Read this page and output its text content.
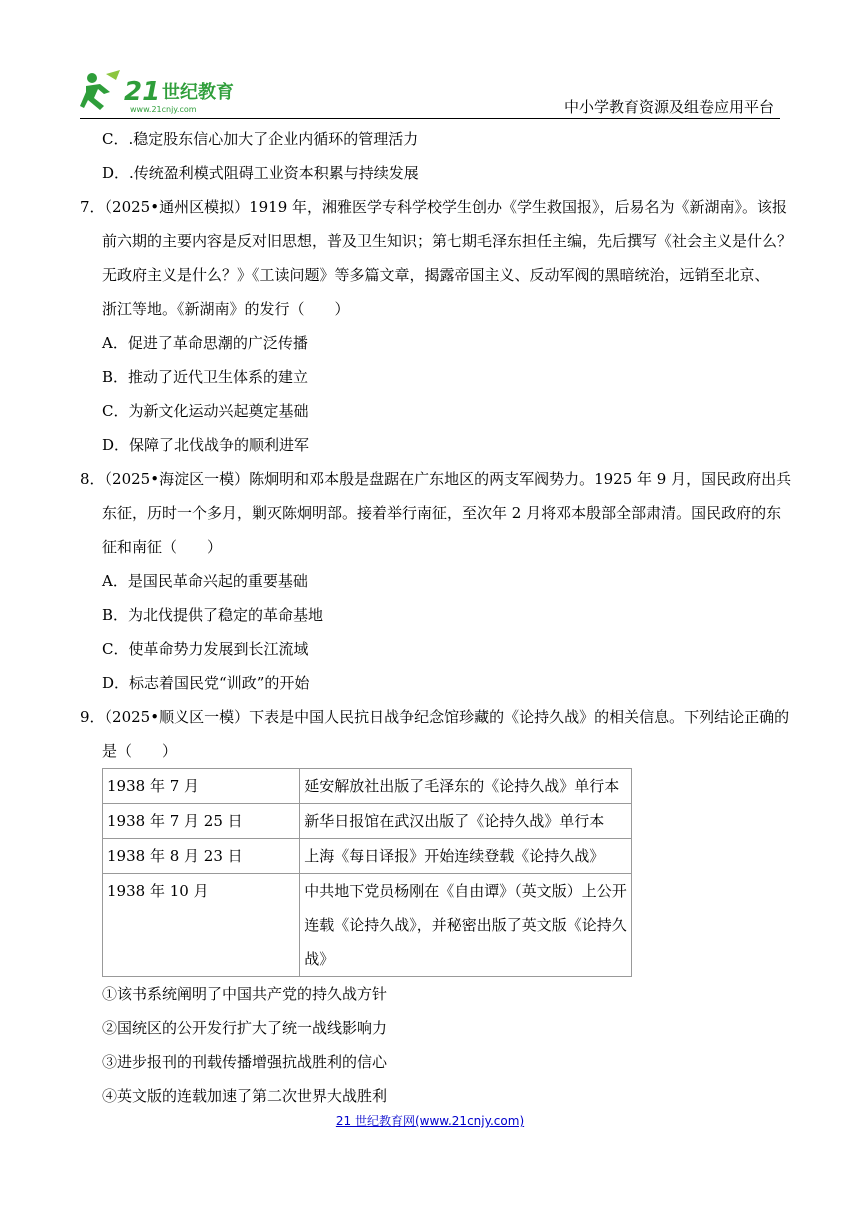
21 世纪教育
www.21cnjy.com	中小学教育资源及组卷应用平台
C．.稳定股东信心加大了企业内循环的管理活力
D．.传统盈利模式阻碍工业资本积累与持续发展
7．（2025•通州区模拟）1919 年，湘雅医学专科学校学生创办《学生救国报》，后易名为《新湖南》。该报
前六期的主要内容是反对旧思想，普及卫生知识；第七期毛泽东担任主编，先后撰写《社会主义是什么？
无政府主义是什么？》《工读问题》等多篇文章，揭露帝国主义、反动军阀的黑暗统治，远销至北京、
浙江等地。《新湖南》的发行（　　）
A．促进了革命思潮的广泛传播
B．推动了近代卫生体系的建立
C．为新文化运动兴起奠定基础
D．保障了北伐战争的顺利进军
8．（2025•海淀区一模）陈炯明和邓本殷是盘踞在广东地区的两支军阀势力。1925 年 9 月，国民政府出兵
东征，历时一个多月，剿灭陈炯明部。接着举行南征，至次年 2 月将邓本殷部全部肃清。国民政府的东
征和南征（　　）
A．是国民革命兴起的重要基础
B．为北伐提供了稳定的革命基地
C．使革命势力发展到长江流域
D．标志着国民党“训政”的开始
9．（2025•顺义区一模）下表是中国人民抗日战争纪念馆珍藏的《论持久战》的相关信息。下列结论正确的
是（　　）
1938 年 7 月	延安解放社出版了毛泽东的《论持久战》单行本
1938 年 7 月 25 日	新华日报馆在武汉出版了《论持久战》单行本
1938 年 8 月 23 日	上海《每日译报》开始连续登载《论持久战》
1938 年 10 月	中共地下党员杨刚在《自由谭》（英文版）上公开连载《论持久战》，并秘密出版了英文版《论持久战》
①该书系统阐明了中国共产党的持久战方针
②国统区的公开发行扩大了统一战线影响力
③进步报刊的刊载传播增强抗战胜利的信心
④英文版的连载加速了第二次世界大战胜利
21 世纪教育网(www.21cnjy.com)
